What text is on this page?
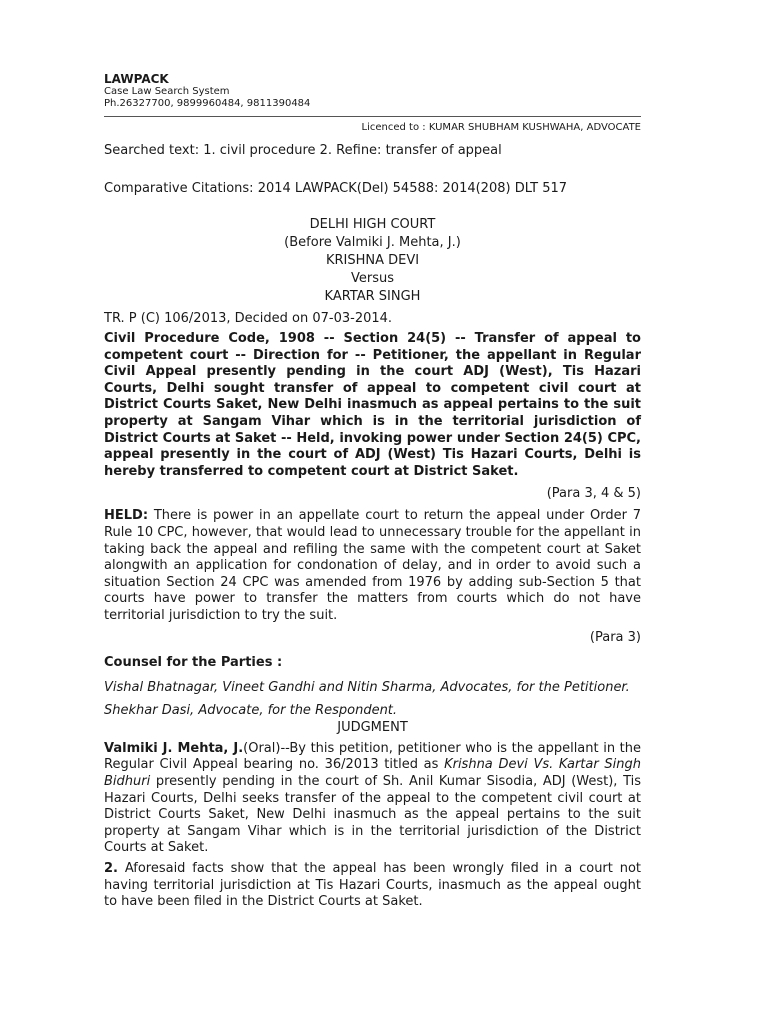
LAWPACK
Case Law Search System
Ph.26327700, 9899960484, 9811390484
Licenced to : KUMAR SHUBHAM KUSHWAHA, ADVOCATE
Searched text: 1. civil procedure 2. Refine: transfer of appeal
Comparative Citations: 2014 LAWPACK(Del) 54588: 2014(208) DLT 517
DELHI HIGH COURT
(Before Valmiki J. Mehta, J.)
KRISHNA DEVI
Versus
KARTAR SINGH
TR. P (C) 106/2013, Decided on 07-03-2014.
Civil Procedure Code, 1908 -- Section 24(5) -- Transfer of appeal to competent court -- Direction for -- Petitioner, the appellant in Regular Civil Appeal presently pending in the court ADJ (West), Tis Hazari Courts, Delhi sought transfer of appeal to competent civil court at District Courts Saket, New Delhi inasmuch as appeal pertains to the suit property at Sangam Vihar which is in the territorial jurisdiction of District Courts at Saket -- Held, invoking power under Section 24(5) CPC, appeal presently in the court of ADJ (West) Tis Hazari Courts, Delhi is hereby transferred to competent court at District Saket.
(Para 3, 4 & 5)
HELD: There is power in an appellate court to return the appeal under Order 7 Rule 10 CPC, however, that would lead to unnecessary trouble for the appellant in taking back the appeal and refiling the same with the competent court at Saket alongwith an application for condonation of delay, and in order to avoid such a situation Section 24 CPC was amended from 1976 by adding sub-Section 5 that courts have power to transfer the matters from courts which do not have territorial jurisdiction to try the suit.
(Para 3)
Counsel for the Parties :
Vishal Bhatnagar, Vineet Gandhi and Nitin Sharma, Advocates, for the Petitioner.
Shekhar Dasi, Advocate, for the Respondent.
JUDGMENT
Valmiki J. Mehta, J.(Oral)--By this petition, petitioner who is the appellant in the Regular Civil Appeal bearing no. 36/2013 titled as Krishna Devi Vs. Kartar Singh Bidhuri presently pending in the court of Sh. Anil Kumar Sisodia, ADJ (West), Tis Hazari Courts, Delhi seeks transfer of the appeal to the competent civil court at District Courts Saket, New Delhi inasmuch as the appeal pertains to the suit property at Sangam Vihar which is in the territorial jurisdiction of the District Courts at Saket.
2. Aforesaid facts show that the appeal has been wrongly filed in a court not having territorial jurisdiction at Tis Hazari Courts, inasmuch as the appeal ought to have been filed in the District Courts at Saket.
